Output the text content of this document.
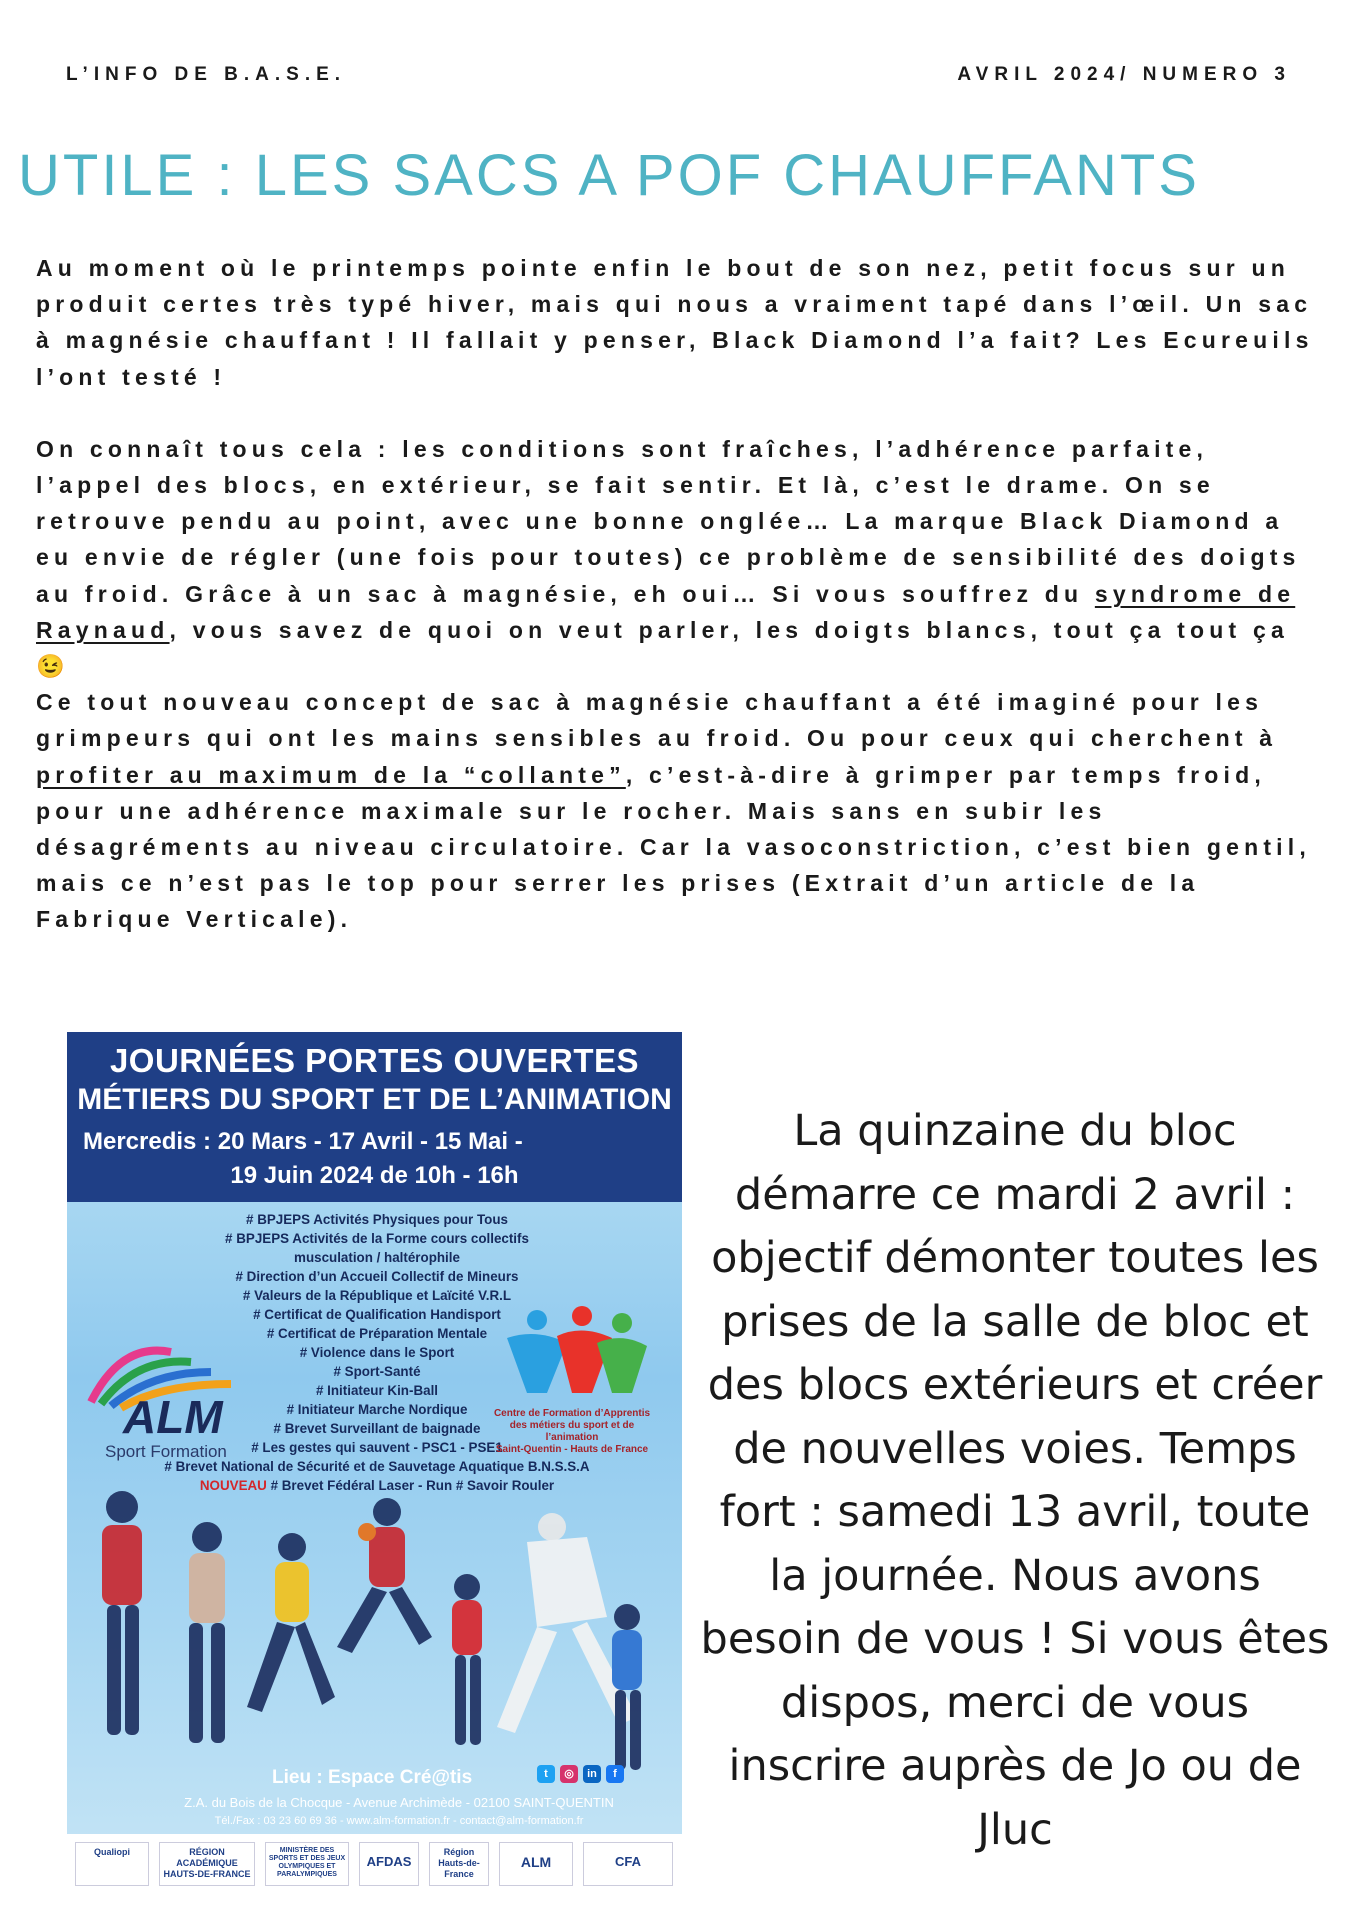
L’INFO DE B.A.S.E.	AVRIL 2024/ NUMERO 3
UTILE : LES SACS A POF CHAUFFANTS

Au moment où le printemps pointe enfin le bout de son nez, petit focus sur un produit certes très typé hiver, mais qui nous a vraiment tapé dans l’œil. Un sac à magnésie chauffant ! Il fallait y penser, Black Diamond l’a fait? Les Ecureuils l’ont testé !

On connaît tous cela : les conditions sont fraîches, l’adhérence parfaite, l’appel des blocs, en extérieur, se fait sentir. Et là, c’est le drame. On se retrouve pendu au point, avec une bonne onglée… La marque Black Diamond a eu envie de régler (une fois pour toutes) ce problème de sensibilité des doigts au froid. Grâce à un sac à magnésie, eh oui… Si vous souffrez du syndrome de Raynaud, vous savez de quoi on veut parler, les doigts blancs, tout ça tout ça 😉

Ce tout nouveau concept de sac à magnésie chauffant a été imaginé pour les grimpeurs qui ont les mains sensibles au froid. Ou pour ceux qui cherchent à profiter au maximum de la “collante”, c’est-à-dire à grimper par temps froid, pour une adhérence maximale sur le rocher. Mais sans en subir les désagréments au niveau circulatoire. Car la vasoconstriction, c’est bien gentil, mais ce n’est pas le top pour serrer les prises (Extrait d’un article de la Fabrique Verticale).

JOURNÉES PORTES OUVERTES
MÉTIERS DU SPORT ET DE L’ANIMATION
Mercredis : 20 Mars - 17 Avril - 15 Mai -
19 Juin 2024 de 10h - 16h
# BPJEPS Activités Physiques pour Tous
# BPJEPS Activités de la Forme cours collectifs
musculation / haltérophile
# Direction d’un Accueil Collectif de Mineurs
# Valeurs de la République et Laïcité V.R.L
# Certificat de Qualification Handisport
# Certificat de Préparation Mentale
# Violence dans le Sport
# Sport-Santé
# Initiateur Kin-Ball
# Initiateur Marche Nordique
# Brevet Surveillant de baignade
# Les gestes qui sauvent - PSC1 - PSE1
# Brevet National de Sécurité et de Sauvetage Aquatique B.N.S.S.A
NOUVEAU # Brevet Fédéral Laser - Run # Savoir Rouler
ALM
Sport Formation
Centre de Formation d’Apprentis des métiers du sport et de l’animation
Saint-Quentin - Hauts de France
Lieu : Espace Cré@tis	t ◎ in f
Z.A. du Bois de la Chocque - Avenue Archimède - 02100 SAINT-QUENTIN
Tél./Fax : 03 23 60 69 36 - www.alm-formation.fr - contact@alm-formation.fr
Qualiopi	RÉGION ACADÉMIQUE HAUTS-DE-FRANCE
MINISTÈRE DES SPORTS ET DES JEUX OLYMPIQUES ET PARALYMPIQUES
AFDAS
Région Hauts-de-France
ALM	CFA
La quinzaine du bloc démarre ce mardi 2 avril : objectif démonter toutes les prises de la salle de bloc et des blocs extérieurs et créer de nouvelles voies. Temps fort : samedi 13 avril, toute la journée. Nous avons besoin de vous ! Si vous êtes dispos, merci de vous inscrire auprès de Jo ou de Jluc
